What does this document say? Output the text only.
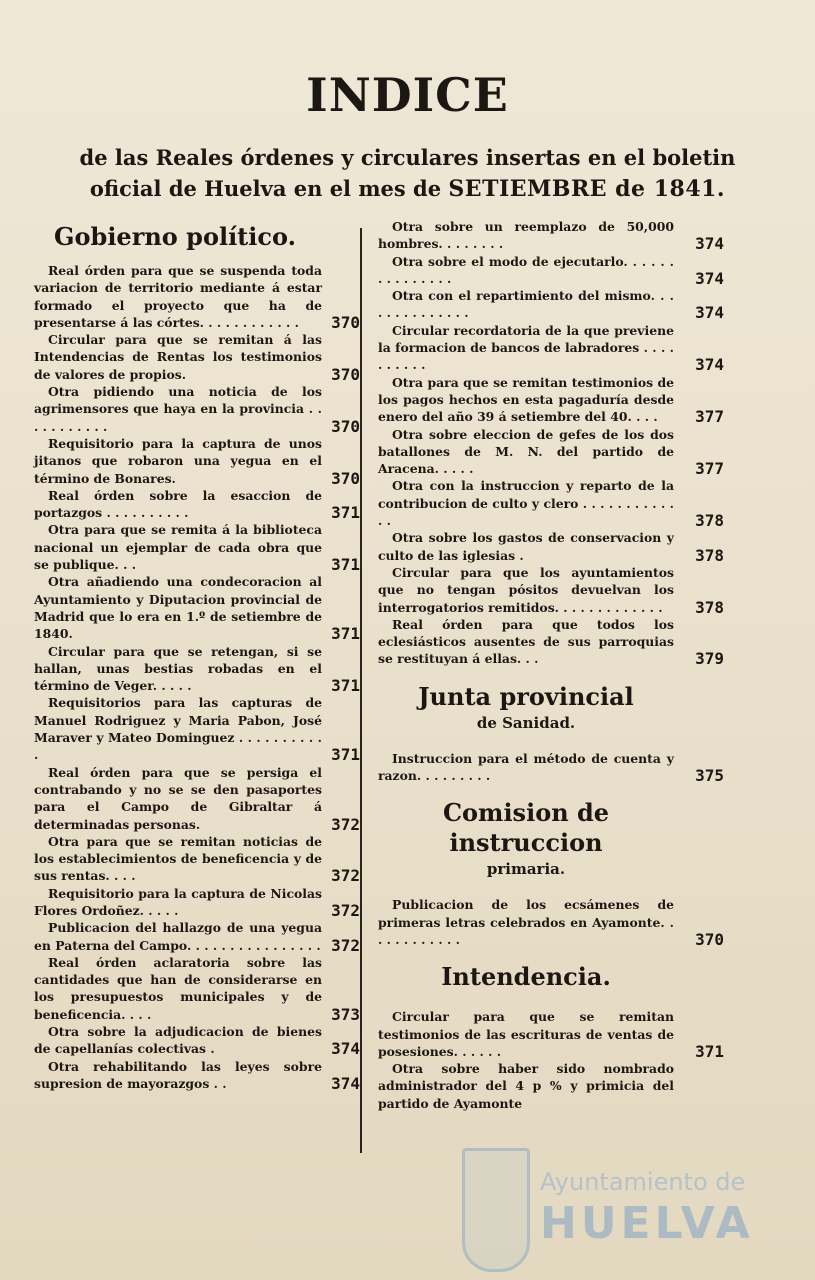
INDICE
de las Reales órdenes y circulares insertas en el boletin
oficial de Huelva en el mes de SETIEMBRE de 1841.
Gobierno político.

Real órden para que se suspenda toda variacion de territorio mediante á estar formado el proyecto que ha de presentarse á las córtes. . . . . . . . . . . .	370

Circular para que se remitan á las Intendencias de Rentas los testimonios de valores de propios.	370

Otra pidiendo una noticia de los agrimensores que haya en la provincia . . . . . . . . . . .	370

Requisitorio para la captura de unos jitanos que robaron una yegua en el término de Bonares.	370

Real órden sobre la esaccion de portazgos . . . . . . . . . .	371

Otra para que se remita á la biblioteca nacional un ejemplar de cada obra que se publique. . .	371

Otra añadiendo una condecoracion al Ayuntamiento y Diputacion provincial de Madrid que lo era en 1.º de setiembre de 1840.	371

Circular para que se retengan, si se hallan, unas bestias robadas en el término de Veger. . . . .	371

Requisitorios para las capturas de Manuel Rodriguez y Maria Pabon, José Maraver y Mateo Dominguez . . . . . . . . . . .	371

Real órden para que se persiga el contrabando y no se se den pasaportes para el Campo de Gibraltar á determinadas personas.	372

Otra para que se remitan noticias de los establecimientos de beneficencia y de sus rentas. . . .	372

Requisitorio para la captura de Nicolas Flores Ordoñez. . . . .	372

Publicacion del hallazgo de una yegua en Paterna del Campo. . . . . . . . . . . . . . . . 372

Real órden aclaratoria sobre las cantidades que han de considerarse en los presupuestos municipales y de beneficencia. . . .	373

Otra sobre la adjudicacion de bienes de capellanías colectivas .	374

Otra rehabilitando las leyes sobre supresion de mayorazgos . .	374

Otra sobre un reemplazo de 50,000 hombres. . . . . . . .	374

Otra sobre el modo de ejecutarlo. . . . . . . . . . . . . . .	374

Otra con el repartimiento del mismo. . . . . . . . . . . . . .	374

Circular recordatoria de la que previene la formacion de bancos de labradores . . . . . . . . . .	374

Otra para que se remitan testimonios de los pagos hechos en esta pagaduría desde enero del año 39 á setiembre del 40. . . .	377

Otra sobre eleccion de gefes de los dos batallones de M. N. del partido de Aracena. . . . .	377

Otra con la instruccion y reparto de la contribucion de culto y clero . . . . . . . . . . . . .	378

Otra sobre los gastos de conservacion y culto de las iglesias .	378

Circular para que los ayuntamientos que no tengan pósitos devuelvan los interrogatorios remitidos. . . . . . . . . . . . .	378

Real órden para que todos los eclesiásticos ausentes de sus parroquias se restituyan á ellas. . .	379
Junta provincial
de Sanidad.

Instruccion para el método de cuenta y razon. . . . . . . . .	375
Comision de instruccion
primaria.

Publicacion de los ecsámenes de primeras letras celebrados en Ayamonte. . . . . . . . . . . .	370
Intendencia.

Circular para que se remitan testimonios de las escrituras de ventas de posesiones. . . . . .	371

Otra sobre haber sido nombrado administrador del 4 p % y primicia del partido de Ayamonte

Ayuntamiento de
HUELVA
